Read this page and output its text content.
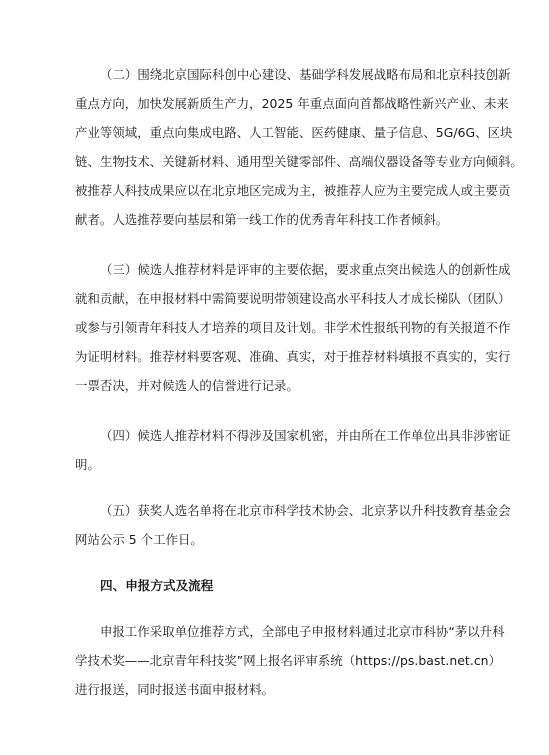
（二）围绕北京国际科创中心建设、基础学科发展战略布局和北京科技创新
重点方向，加快发展新质生产力，2025 年重点面向首都战略性新兴产业、未来
产业等领域，重点向集成电路、人工智能、医药健康、量子信息、5G/6G、区块
链、生物技术、关键新材料、通用型关键零部件、高端仪器设备等专业方向倾斜。
被推荐人科技成果应以在北京地区完成为主，被推荐人应为主要完成人或主要贡
献者。人选推荐要向基层和第一线工作的优秀青年科技工作者倾斜。
（三）候选人推荐材料是评审的主要依据，要求重点突出候选人的创新性成
就和贡献，在申报材料中需简要说明带领建设高水平科技人才成长梯队（团队）
或参与引领青年科技人才培养的项目及计划。非学术性报纸刊物的有关报道不作
为证明材料。推荐材料要客观、准确、真实，对于推荐材料填报不真实的，实行
一票否决，并对候选人的信誉进行记录。
（四）候选人推荐材料不得涉及国家机密，并由所在工作单位出具非涉密证
明。
（五）获奖人选名单将在北京市科学技术协会、北京茅以升科技教育基金会
网站公示 5 个工作日。
四、申报方式及流程
申报工作采取单位推荐方式，全部电子申报材料通过北京市科协“茅以升科
学技术奖——北京青年科技奖”网上报名评审系统（https://ps.bast.net.cn）
进行报送，同时报送书面申报材料。
